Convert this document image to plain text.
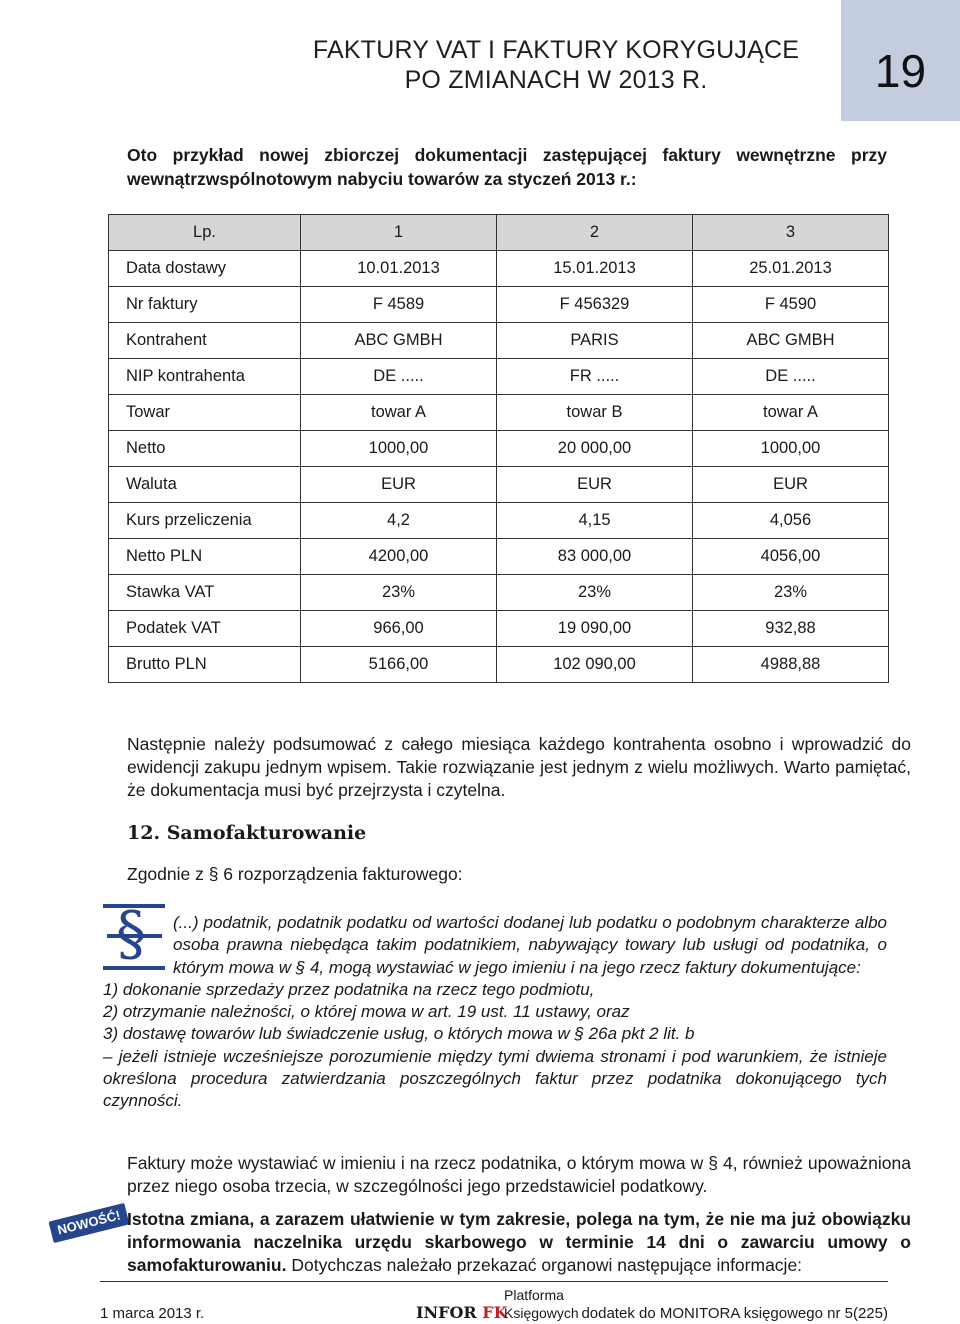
FAKTURY VAT I FAKTURY KORYGUJĄCE
PO ZMIANACH W 2013 R.	19
Oto przykład nowej zbiorczej dokumentacji zastępującej faktury wewnętrzne przy wewnątrzwspólnotowym nabyciu towarów za styczeń 2013 r.:
Lp.	1	2	3
Data dostawy	10.01.2013	15.01.2013	25.01.2013
Nr faktury	F 4589	F 456329	F 4590
Kontrahent	ABC GMBH	PARIS	ABC GMBH
NIP kontrahenta	DE .....	FR .....	DE .....
Towar	towar A	towar B	towar A
Netto	1000,00	20 000,00	1000,00
Waluta	EUR	EUR	EUR
Kurs przeliczenia	4,2	4,15	4,056
Netto PLN	4200,00	83 000,00	4056,00
Stawka VAT	23%	23%	23%
Podatek VAT	966,00	19 090,00	932,88
Brutto PLN	5166,00	102 090,00	4988,88
Następnie należy podsumować z całego miesiąca każdego kontrahenta osobno i wprowadzić do ewidencji zakupu jednym wpisem. Takie rozwiązanie jest jednym z wielu możliwych. Warto pamiętać, że dokumentacja musi być przejrzysta i czytelna.
12. Samofakturowanie
Zgodnie z § 6 rozporządzenia fakturowego:
§	(...) podatnik, podatnik podatku od wartości dodanej lub podatku o podobnym charakterze albo osoba prawna niebędąca takim podatnikiem, nabywający towary lub usługi od podatnika, o którym mowa w § 4, mogą wystawiać w jego imieniu i na jego rzecz faktury dokumentujące:

1) dokonanie sprzedaży przez podatnika na rzecz tego podmiotu,

2) otrzymanie należności, o której mowa w art. 19 ust. 11 ustawy, oraz

3) dostawę towarów lub świadczenie usług, o których mowa w § 26a pkt 2 lit. b

– jeżeli istnieje wcześniejsze porozumienie między tymi dwiema stronami i pod warunkiem, że istnieje określona procedura zatwierdzania poszczególnych faktur przez podatnika dokonującego tych czynności.

Faktury może wystawiać w imieniu i na rzecz podatnika, o którym mowa w § 4, również upoważniona przez niego osoba trzecia, w szczególności jego przedstawiciel podatkowy.
NOWOŚĆ! Istotna zmiana, a zarazem ułatwienie w tym zakresie, polega na tym, że nie ma już obowiązku informowania naczelnika urzędu skarbowego w terminie 14 dni o zawarciu umowy o samofakturowaniu. Dotychczas należało przekazać organowi następujące informacje:
1 marca 2013 r.	INFOR FK
Platforma
Księgowych dodatek do MONITORA księgowego nr 5(225)
